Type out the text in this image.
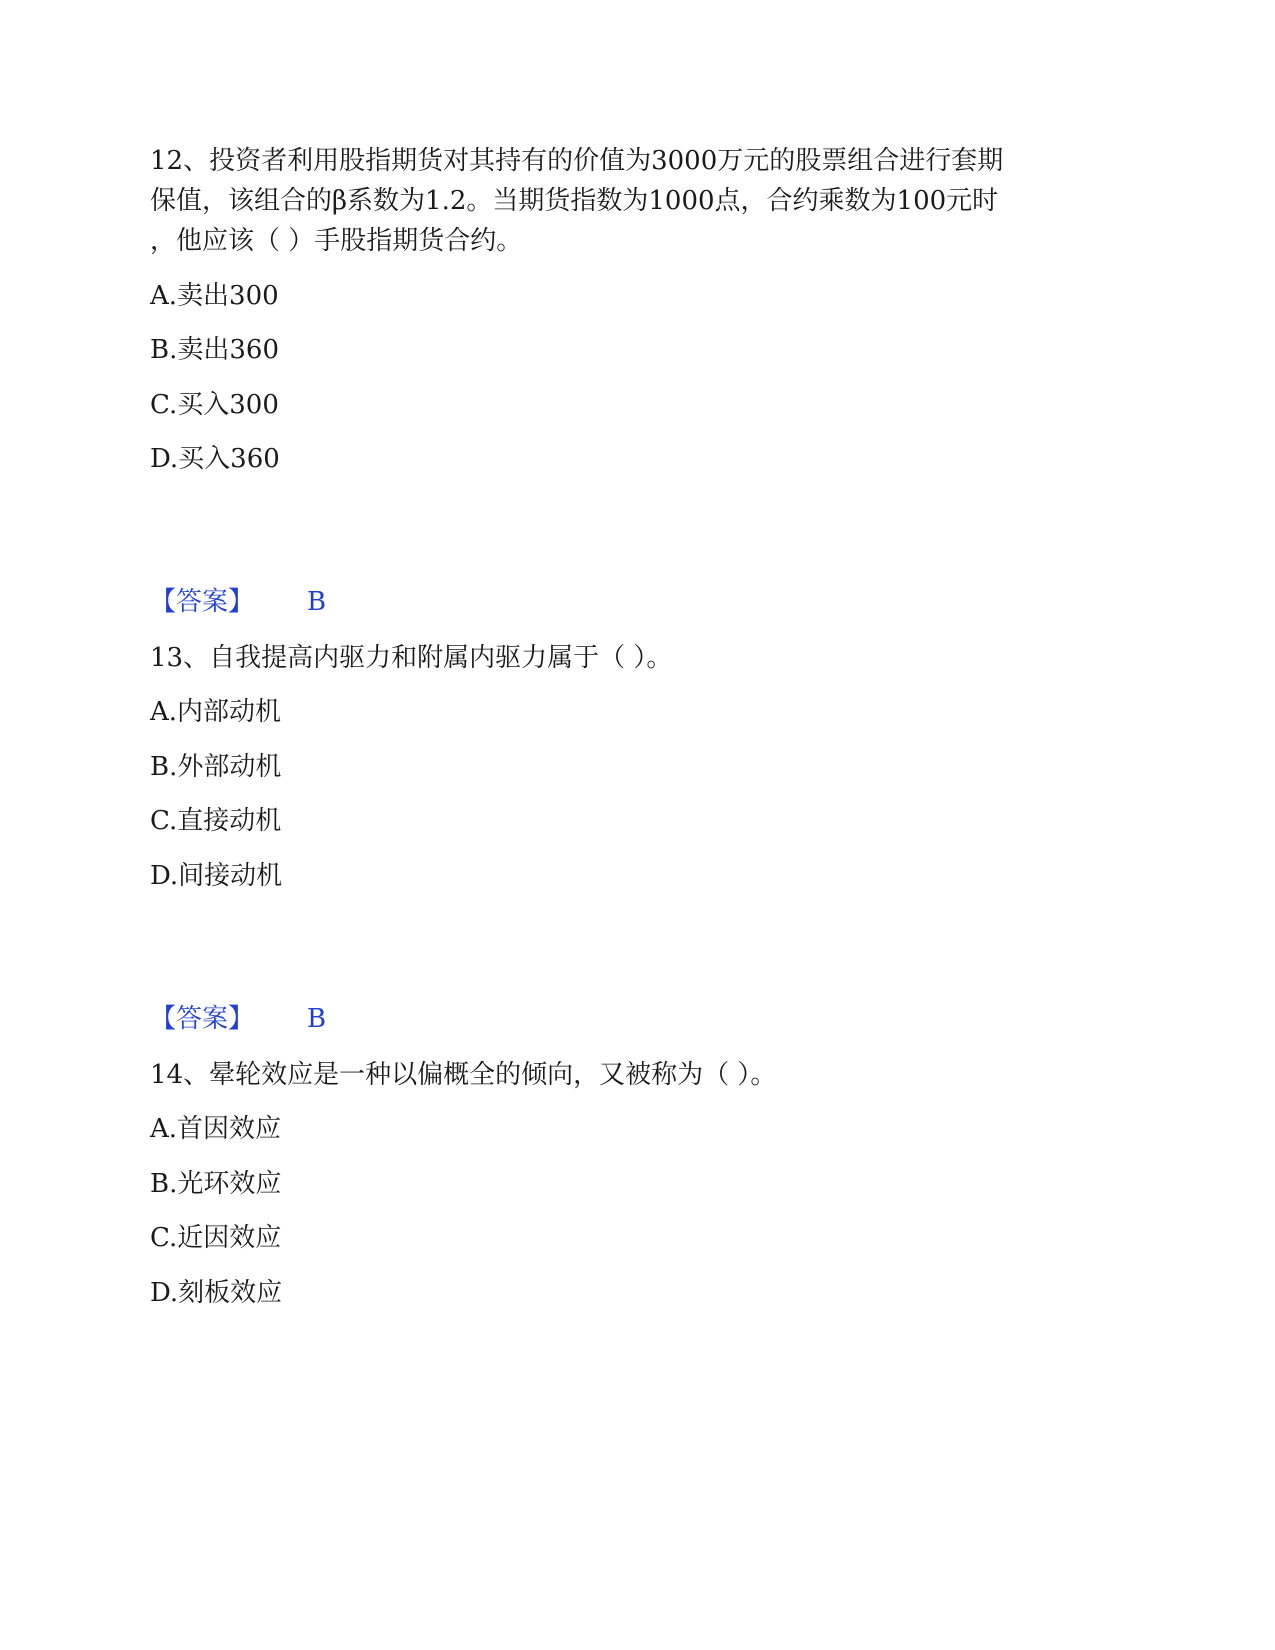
12、投资者利用股指期货对其持有的价值为3000万元的股票组合进行套期
保值，该组合的β系数为1.2。当期货指数为1000点，合约乘数为100元时
，他应该（ ）手股指期货合约。
A.卖出300
B.卖出360
C.买入300
D.买入360
【答案】 B
13、自我提高内驱力和附属内驱力属于（ ）。
A.内部动机
B.外部动机
C.直接动机
D.间接动机
【答案】 B
14、晕轮效应是一种以偏概全的倾向，又被称为（ ）。
A.首因效应
B.光环效应
C.近因效应
D.刻板效应
